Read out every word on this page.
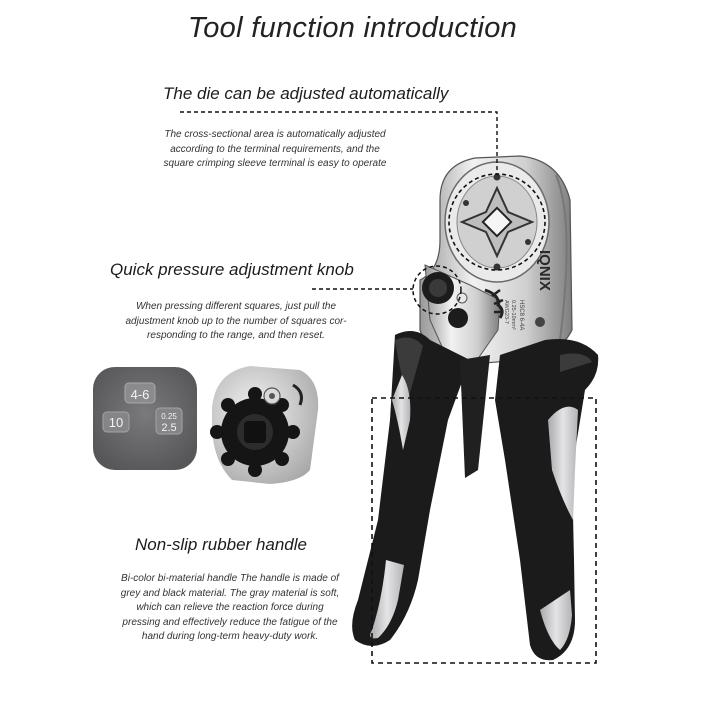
Tool function introduction
The die can be adjusted automatically
The cross-sectional area is automatically adjusted
according to the terminal requirements, and the
square crimping sleeve terminal is easy to operate
Quick pressure adjustment knob
When pressing different squares, just pull the
adjustment knob up to the number of squares cor-
responding to the range, and then reset.
Non-slip rubber handle
Bi-color bi-material handle The handle is made of
grey and black material. The gray material is soft,
which can relieve the reaction force during
pressing and effectively reduce the fatigue of the
hand during long-term heavy-duty work.
IQNIX
HSC8 6-4A
0.25-10mm²
AWG23-7
4-6
10	0.25
2.5
